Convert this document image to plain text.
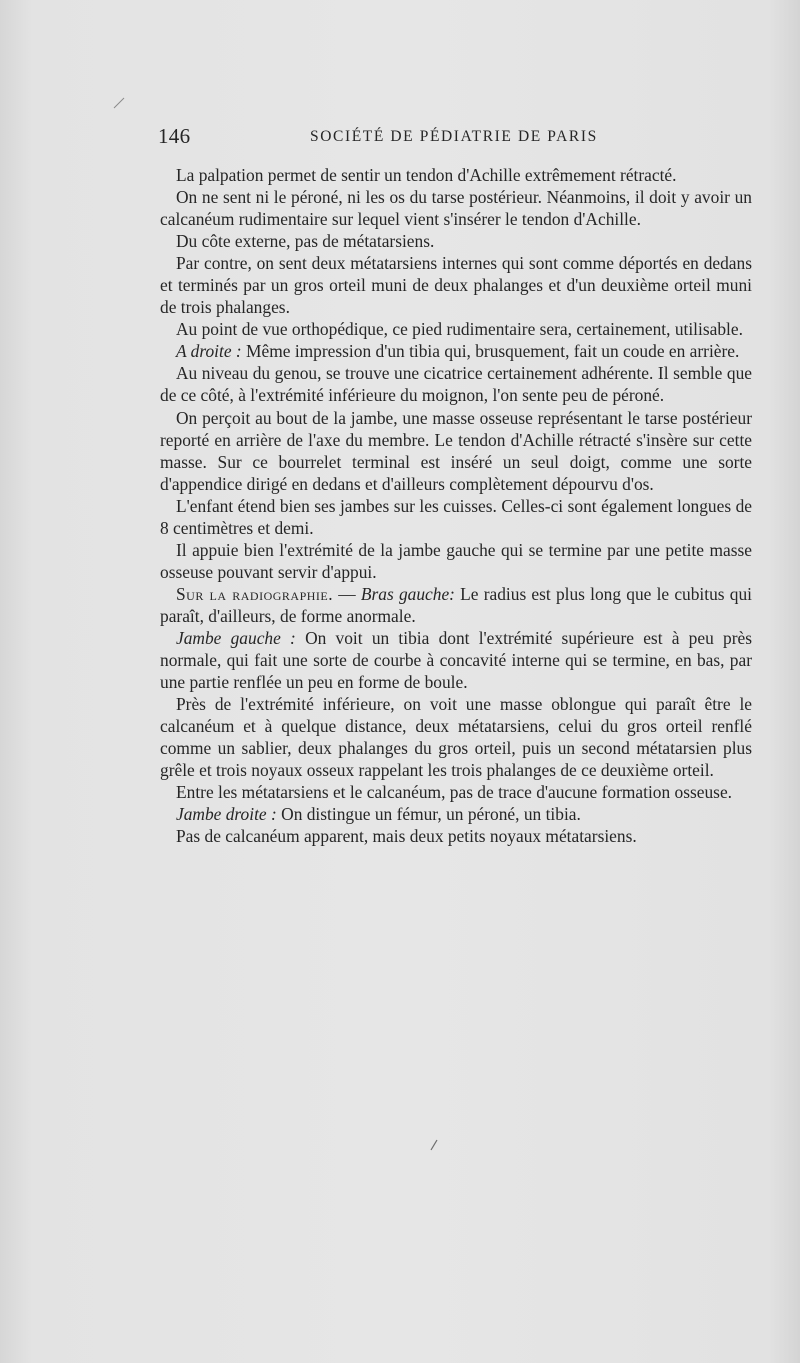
146	SOCIÉTÉ DE PÉDIATRIE DE PARIS

La palpation permet de sentir un tendon d'Achille extrêmement rétracté.

On ne sent ni le péroné, ni les os du tarse postérieur. Néanmoins, il doit y avoir un calcanéum rudimentaire sur lequel vient s'insérer le tendon d'Achille.

Du côte externe, pas de métatarsiens.

Par contre, on sent deux métatarsiens internes qui sont comme déportés en dedans et terminés par un gros orteil muni de deux phalanges et d'un deuxième orteil muni de trois phalanges.

Au point de vue orthopédique, ce pied rudimentaire sera, certainement, utilisable.

A droite : Même impression d'un tibia qui, brusquement, fait un coude en arrière.

Au niveau du genou, se trouve une cicatrice certainement adhérente. Il semble que de ce côté, à l'extrémité inférieure du moignon, l'on sente peu de péroné.

On perçoit au bout de la jambe, une masse osseuse représentant le tarse postérieur reporté en arrière de l'axe du membre. Le tendon d'Achille rétracté s'insère sur cette masse. Sur ce bourrelet terminal est inséré un seul doigt, comme une sorte d'appendice dirigé en dedans et d'ailleurs complètement dépourvu d'os.

L'enfant étend bien ses jambes sur les cuisses. Celles-ci sont également longues de 8 centimètres et demi.

Il appuie bien l'extrémité de la jambe gauche qui se termine par une petite masse osseuse pouvant servir d'appui.

Sur la radiographie. — Bras gauche: Le radius est plus long que le cubitus qui paraît, d'ailleurs, de forme anormale.

Jambe gauche : On voit un tibia dont l'extrémité supérieure est à peu près normale, qui fait une sorte de courbe à concavité interne qui se termine, en bas, par une partie renflée un peu en forme de boule.

Près de l'extrémité inférieure, on voit une masse oblongue qui paraît être le calcanéum et à quelque distance, deux métatarsiens, celui du gros orteil renflé comme un sablier, deux phalanges du gros orteil, puis un second métatarsien plus grêle et trois noyaux osseux rappelant les trois phalanges de ce deuxième orteil.

Entre les métatarsiens et le calcanéum, pas de trace d'aucune formation osseuse.

Jambe droite : On distingue un fémur, un péroné, un tibia.

Pas de calcanéum apparent, mais deux petits noyaux métatarsiens.
